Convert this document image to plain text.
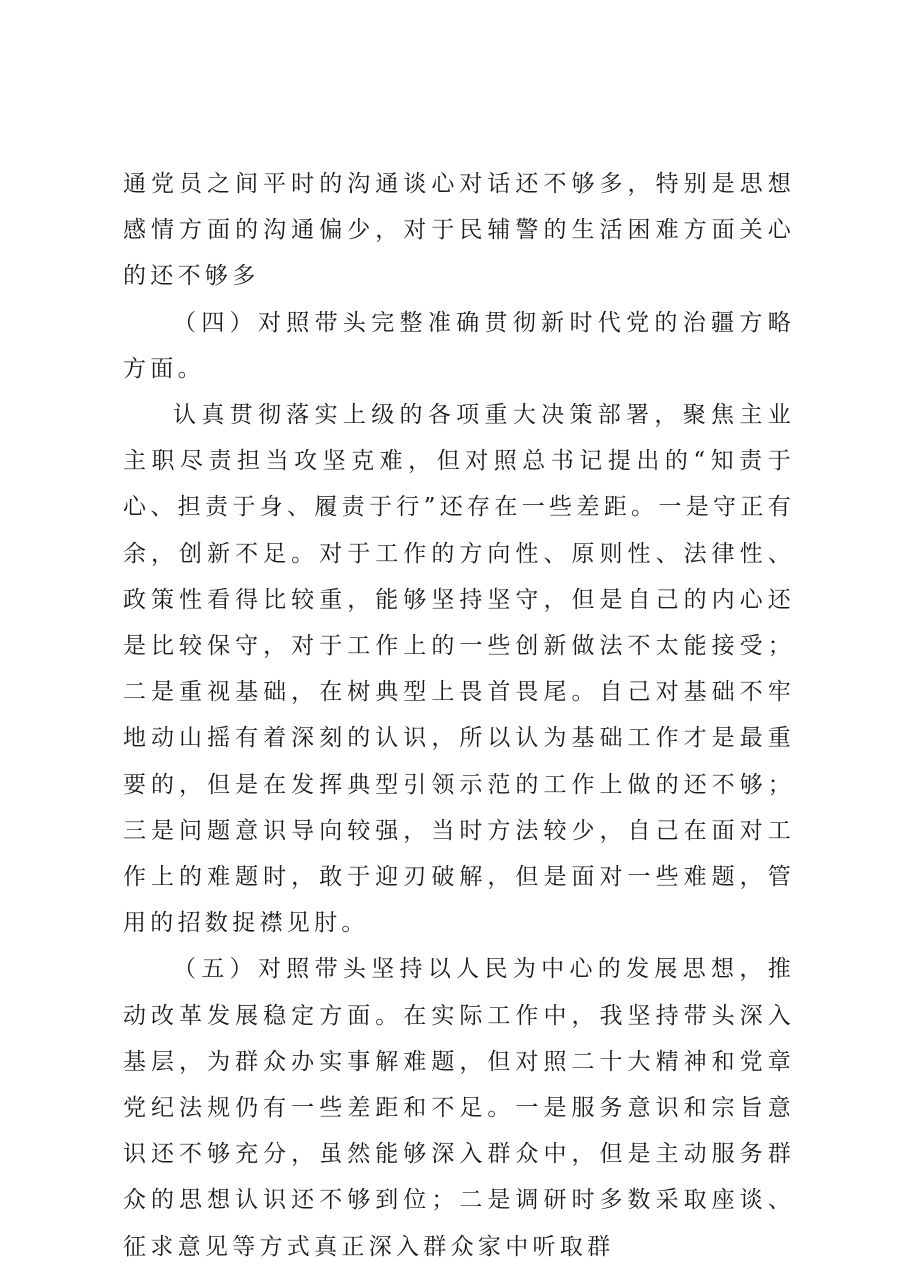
通党员之间平时的沟通谈心对话还不够多，特别是思想感情方面的沟通偏少，对于民辅警的生活困难方面关心的还不够多

（四）对照带头完整准确贯彻新时代党的治疆方略方面。

认真贯彻落实上级的各项重大决策部署，聚焦主业主职尽责担当攻坚克难，但对照总书记提出的“知责于心、担责于身、履责于行”还存在一些差距。一是守正有余，创新不足。对于工作的方向性、原则性、法律性、政策性看得比较重，能够坚持坚守，但是自己的内心还是比较保守，对于工作上的一些创新做法不太能接受；二是重视基础，在树典型上畏首畏尾。自己对基础不牢地动山摇有着深刻的认识，所以认为基础工作才是最重要的，但是在发挥典型引领示范的工作上做的还不够；三是问题意识导向较强，当时方法较少，自己在面对工作上的难题时，敢于迎刃破解，但是面对一些难题，管用的招数捉襟见肘。

（五）对照带头坚持以人民为中心的发展思想，推动改革发展稳定方面。在实际工作中，我坚持带头深入基层，为群众办实事解难题，但对照二十大精神和党章党纪法规仍有一些差距和不足。一是服务意识和宗旨意识还不够充分，虽然能够深入群众中，但是主动服务群众的思想认识还不够到位；二是调研时多数采取座谈、征求意见等方式真正深入群众家中听取群
